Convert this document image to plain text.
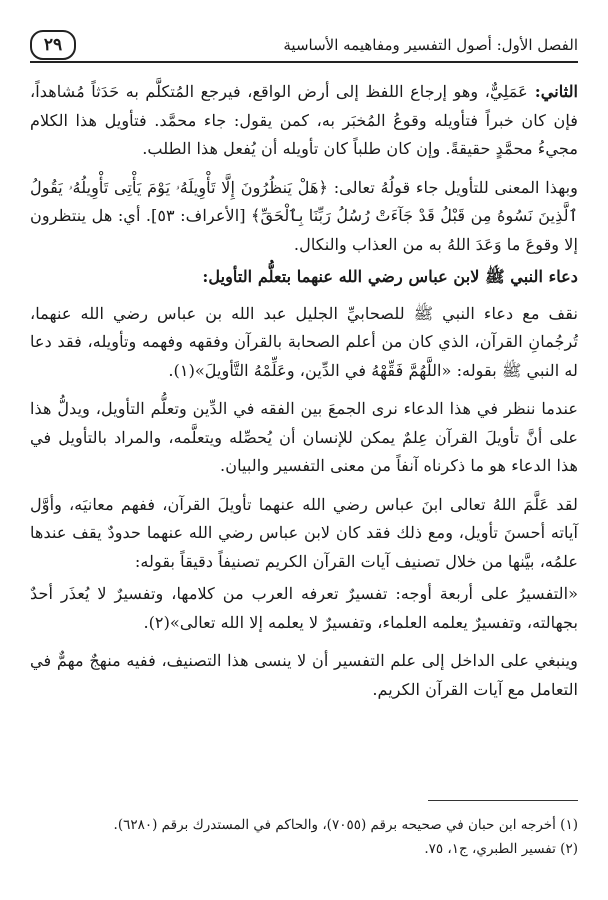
الفصل الأول: أصول التفسير ومفاهيمه الأساسية
٢٩

الثاني: عَمَلِيٌّ، وهو إرجاع اللفظ إلى أرض الواقع، فيرجع المُتكلَّم به حَدَثاً مُشاهداً، فإن كان خبراً فتأويله وقوعُ المُخبَر به، كمن يقول: جاء محمَّد. فتأويل هذا الكلام مجيءُ محمَّدٍ حقيقةً. وإن كان طلباً كان تأويله أن يُفعل هذا الطلب.

وبهذا المعنى للتأويل جاء قولُهُ تعالى: ﴿هَلْ يَنظُرُونَ إِلَّا تَأْوِيلَهُۥ يَوْمَ يَأْتِى تَأْوِيلُهُۥ يَقُولُ ٱلَّذِينَ نَسُوهُ مِن قَبْلُ قَدْ جَآءَتْ رُسُلُ رَبِّنَا بِٱلْحَقِّ﴾ [الأعراف: ٥٣]. أي: هل ينتظرون إلا وقوعَ ما وَعَدَ اللهُ به من العذاب والنكال.

دعاء النبي ﷺ لابن عباس رضي الله عنهما بتعلُّم التأويل:

نقف مع دعاء النبي ﷺ للصحابيِّ الجليل عبد الله بن عباس رضي الله عنهما، تُرجُمانِ القرآن، الذي كان من أعلم الصحابة بالقرآن وفقهه وفهمه وتأويله، فقد دعا له النبي ﷺ بقوله: «اللَّهُمَّ فَقِّهْهُ في الدِّين، وعَلِّمْهُ التَّأويلَ»(١).

عندما ننظر في هذا الدعاء نرى الجمعَ بين الفقه في الدِّين وتعلُّم التأويل، ويدلُّ هذا على أنَّ تأويلَ القرآن عِلمٌ يمكن للإنسان أن يُحصِّله ويتعلَّمه، والمراد بالتأويل في هذا الدعاء هو ما ذكرناه آنفاً من معنى التفسير والبيان.

لقد عَلَّمَ اللهُ تعالى ابنَ عباس رضي الله عنهما تأويلَ القرآن، ففهم معانيَه، وأوَّل آياته أحسنَ تأويل، ومع ذلك فقد كان لابن عباس رضي الله عنهما حدودٌ يقف عندها علمُه، بيَّنها من خلال تصنيف آيات القرآن الكريم تصنيفاً دقيقاً بقوله:

«التفسيرُ على أربعة أوجه: تفسيرٌ تعرفه العرب من كلامها، وتفسيرٌ لا يُعذَر أحدٌ بجهالته، وتفسيرٌ يعلمه العلماء، وتفسيرٌ لا يعلمه إلا الله تعالى»(٢).

وينبغي على الداخل إلى علم التفسير أن لا ينسى هذا التصنيف، ففيه منهجٌ مهمٌّ في التعامل مع آيات القرآن الكريم.

(١) أخرجه ابن حبان في صحيحه برقم (٧٠٥٥)، والحاكم في المستدرك برقم (٦٢٨٠).
(٢) تفسير الطبري، ج١، ٧٥.
